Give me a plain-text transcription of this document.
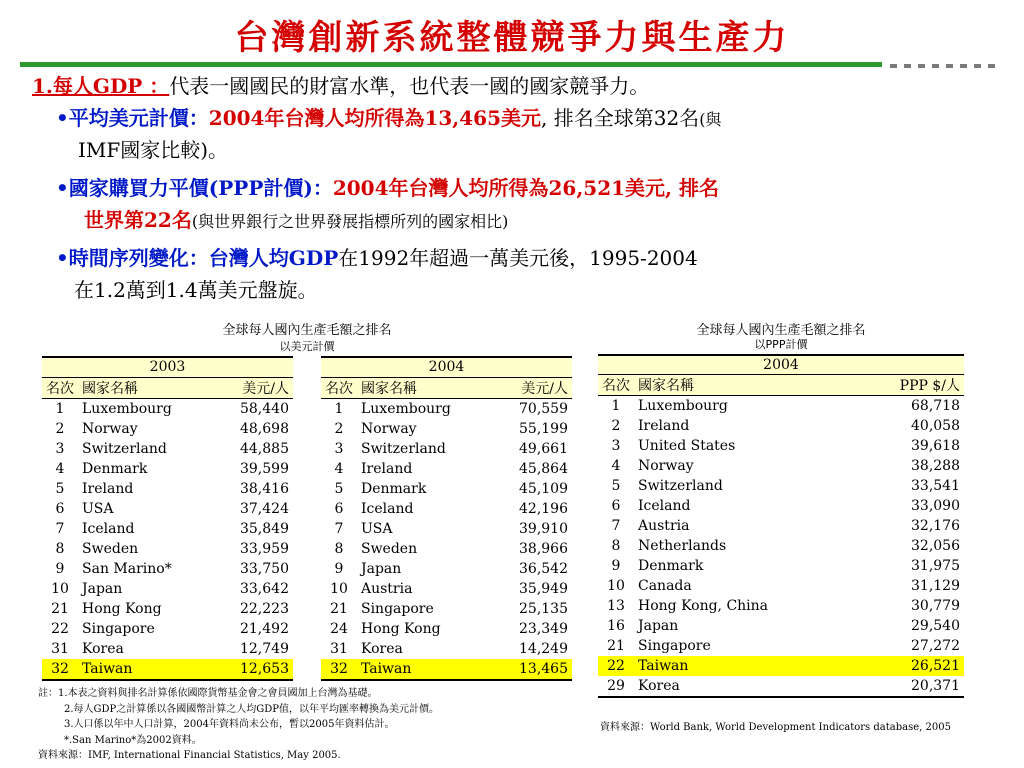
台灣創新系統整體競爭力與生產力
1.每人GDP ：代表一國國民的財富水準，也代表一國的國家競爭力。
•平均美元計價：2004年台灣人均所得為13,465美元, 排名全球第32名(與
IMF國家比較)。
•國家購買力平價(PPP計價)：2004年台灣人均所得為26,521美元, 排名
世界第22名(與世界銀行之世界發展指標所列的國家相比)
•時間序列變化：台灣人均GDP在1992年超過一萬美元後，1995-2004
在1.2萬到1.4萬美元盤旋。
全球每人國內生產毛額之排名
以美元計價
2003				2004		
名次	國家名稱	美元/人		名次	國家名稱	美元/人
1	Luxembourg	58,440		1	Luxembourg	70,559
2	Norway	48,698		2	Norway	55,199
3	Switzerland	44,885		3	Switzerland	49,661
4	Denmark	39,599		4	Ireland	45,864
5	Ireland	38,416		5	Denmark	45,109
6	USA	37,424		6	Iceland	42,196
7	Iceland	35,849		7	USA	39,910
8	Sweden	33,959		8	Sweden	38,966
9	San Marino*	33,750		9	Japan	36,542
10	Japan	33,642		10	Austria	35,949
21	Hong Kong	22,223		21	Singapore	25,135
22	Singapore	21,492		24	Hong Kong	23,349
31	Korea	12,749		31	Korea	14,249
32	Taiwan	12,653		32	Taiwan	13,465
全球每人國內生產毛額之排名
以PPP計價
2004		
名次	國家名稱	PPP $/人
1	Luxembourg	68,718
2	Ireland	40,058
3	United States	39,618
4	Norway	38,288
5	Switzerland	33,541
6	Iceland	33,090
7	Austria	32,176
8	Netherlands	32,056
9	Denmark	31,975
10	Canada	31,129
13	Hong Kong, China	30,779
16	Japan	29,540
21	Singapore	27,272
22	Taiwan	26,521
29	Korea	20,371
資料來源：World Bank, World Development Indicators database, 2005
註：1.本表之資料與排名計算係依國際貨幣基金會之會員國加上台灣為基礎。
2.每人GDP之計算係以各國國幣計算之人均GDP值，以年平均匯率轉換為美元計價。
3.人口係以年中人口計算，2004年資料尚未公布，暫以2005年資料估計。
*.San Marino*為2002資料。
資料來源：IMF, International Financial Statistics, May 2005.
